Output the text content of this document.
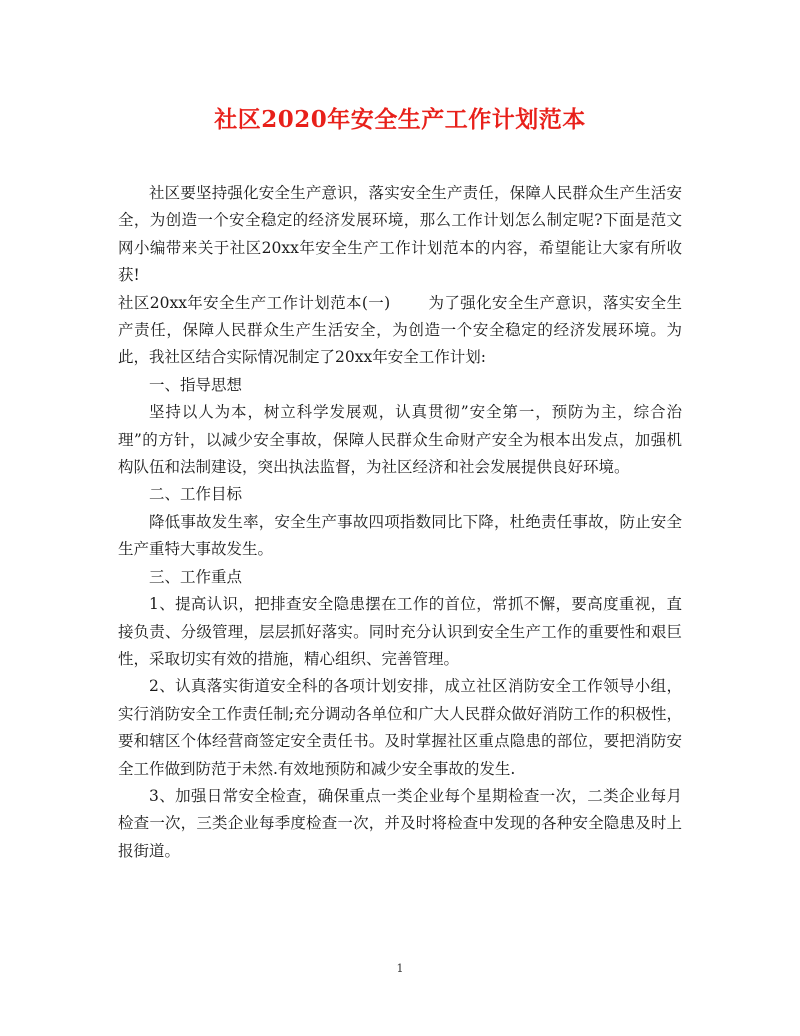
社区2020年安全生产工作计划范本

社区要坚持强化安全生产意识，落实安全生产责任，保障人民群众生产生活安全，为创造一个安全稳定的经济发展环境，那么工作计划怎么制定呢?下面是范文网小编带来关于社区20xx年安全生产工作计划范本的内容，希望能让大家有所收获!

社区20xx年安全生产工作计划范本(一) 为了强化安全生产意识，落实安全生产责任，保障人民群众生产生活安全，为创造一个安全稳定的经济发展环境。为此，我社区结合实际情况制定了20xx年安全工作计划:

一、指导思想

坚持以人为本，树立科学发展观，认真贯彻”安全第一，预防为主，综合治理”的方针，以减少安全事故，保障人民群众生命财产安全为根本出发点，加强机构队伍和法制建设，突出执法监督，为社区经济和社会发展提供良好环境。

二、工作目标

降低事故发生率，安全生产事故四项指数同比下降，杜绝责任事故，防止安全生产重特大事故发生。

三、工作重点

1、提高认识，把排查安全隐患摆在工作的首位，常抓不懈，要高度重视，直接负责、分级管理，层层抓好落实。同时充分认识到安全生产工作的重要性和艰巨性，采取切实有效的措施，精心组织、完善管理。

2、认真落实街道安全科的各项计划安排，成立社区消防安全工作领导小组，实行消防安全工作责任制;充分调动各单位和广大人民群众做好消防工作的积极性，要和辖区个体经营商签定安全责任书。及时掌握社区重点隐患的部位，要把消防安全工作做到防范于未然.有效地预防和减少安全事故的发生.

3、加强日常安全检查，确保重点一类企业每个星期检查一次，二类企业每月检查一次，三类企业每季度检查一次，并及时将检查中发现的各种安全隐患及时上报街道。

1
